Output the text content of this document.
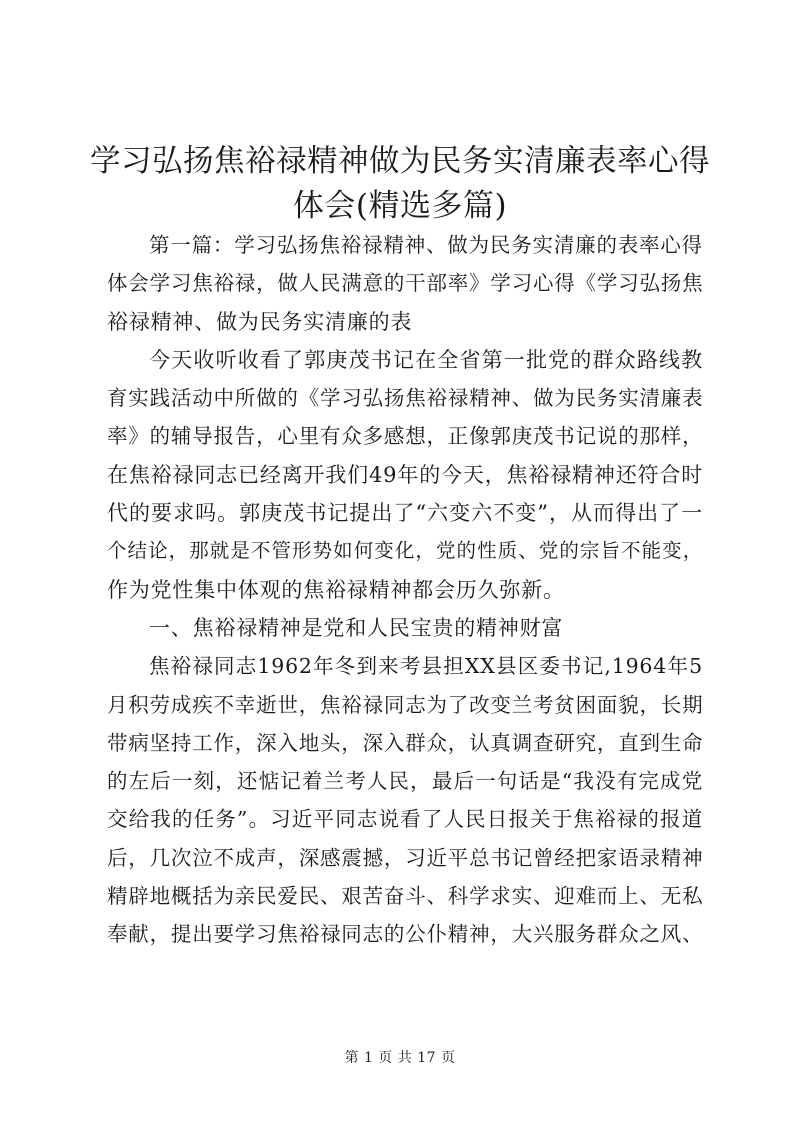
学习弘扬焦裕禄精神做为民务实清廉表率心得
体会(精选多篇)
第一篇：学习弘扬焦裕禄精神、做为民务实清廉的表率心得
体会学习焦裕禄，做人民满意的干部率》学习心得《学习弘扬焦
裕禄精神、做为民务实清廉的表
今天收听收看了郭庚茂书记在全省第一批党的群众路线教
育实践活动中所做的《学习弘扬焦裕禄精神、做为民务实清廉表
率》的辅导报告，心里有众多感想，正像郭庚茂书记说的那样，
在焦裕禄同志已经离开我们49年的今天，焦裕禄精神还符合时
代的要求吗。郭庚茂书记提出了“六变六不变”，从而得出了一
个结论，那就是不管形势如何变化，党的性质、党的宗旨不能变，
作为党性集中体观的焦裕禄精神都会历久弥新。
一、焦裕禄精神是党和人民宝贵的精神财富
焦裕禄同志1962年冬到来考县担XX县区委书记,1964年5
月积劳成疾不幸逝世，焦裕禄同志为了改变兰考贫困面貌，长期
带病坚持工作，深入地头，深入群众，认真调查研究，直到生命
的左后一刻，还惦记着兰考人民，最后一句话是“我没有完成党
交给我的任务”。习近平同志说看了人民日报关于焦裕禄的报道
后，几次泣不成声，深感震撼，习近平总书记曾经把家语录精神
精辟地概括为亲民爱民、艰苦奋斗、科学求实、迎难而上、无私
奉献，提出要学习焦裕禄同志的公仆精神，大兴服务群众之风、
第 1 页 共 17 页
